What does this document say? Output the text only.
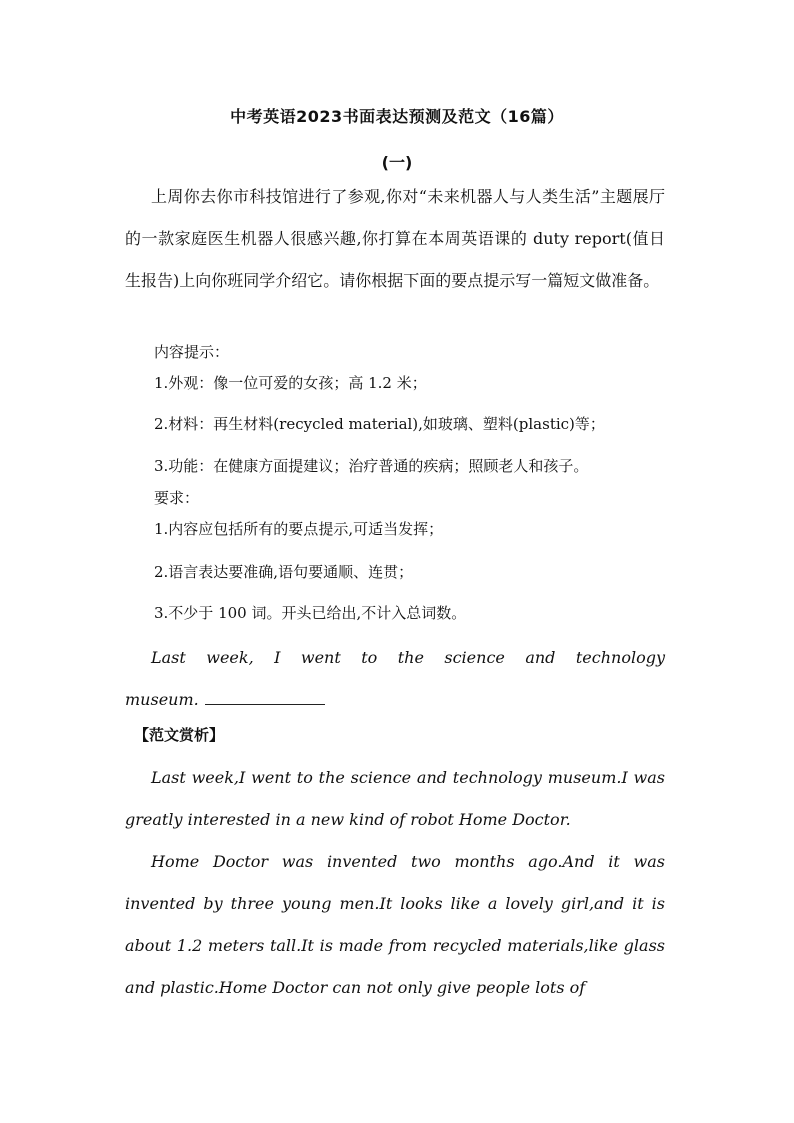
中考英语2023书面表达预测及范文（16篇）
(一)

上周你去你市科技馆进行了参观,你对“未来机器人与人类生活”主题展厅的一款家庭医生机器人很感兴趣,你打算在本周英语课的 duty report(值日生报告)上向你班同学介绍它。请你根据下面的要点提示写一篇短文做准备。

内容提示：
1.外观：像一位可爱的女孩；高 1.2 米；
2.材料：再生材料(recycled material),如玻璃、塑料(plastic)等；
3.功能：在健康方面提建议；治疗普通的疾病；照顾老人和孩子。
要求：
1.内容应包括所有的要点提示,可适当发挥；
2.语言表达要准确,语句要通顺、连贯；
3.不少于 100 词。开头已给出,不计入总词数。

Last week, I went to the science and technology

museum.
【范文赏析】

Last week,I went to the science and technology museum.I was greatly interested in a new kind of robot Home Doctor.

Home Doctor was invented two months ago.And it was invented by three young men.It looks like a lovely girl,and it is about 1.2 meters tall.It is made from recycled materials,like glass and plastic.Home Doctor can not only give people lots of
